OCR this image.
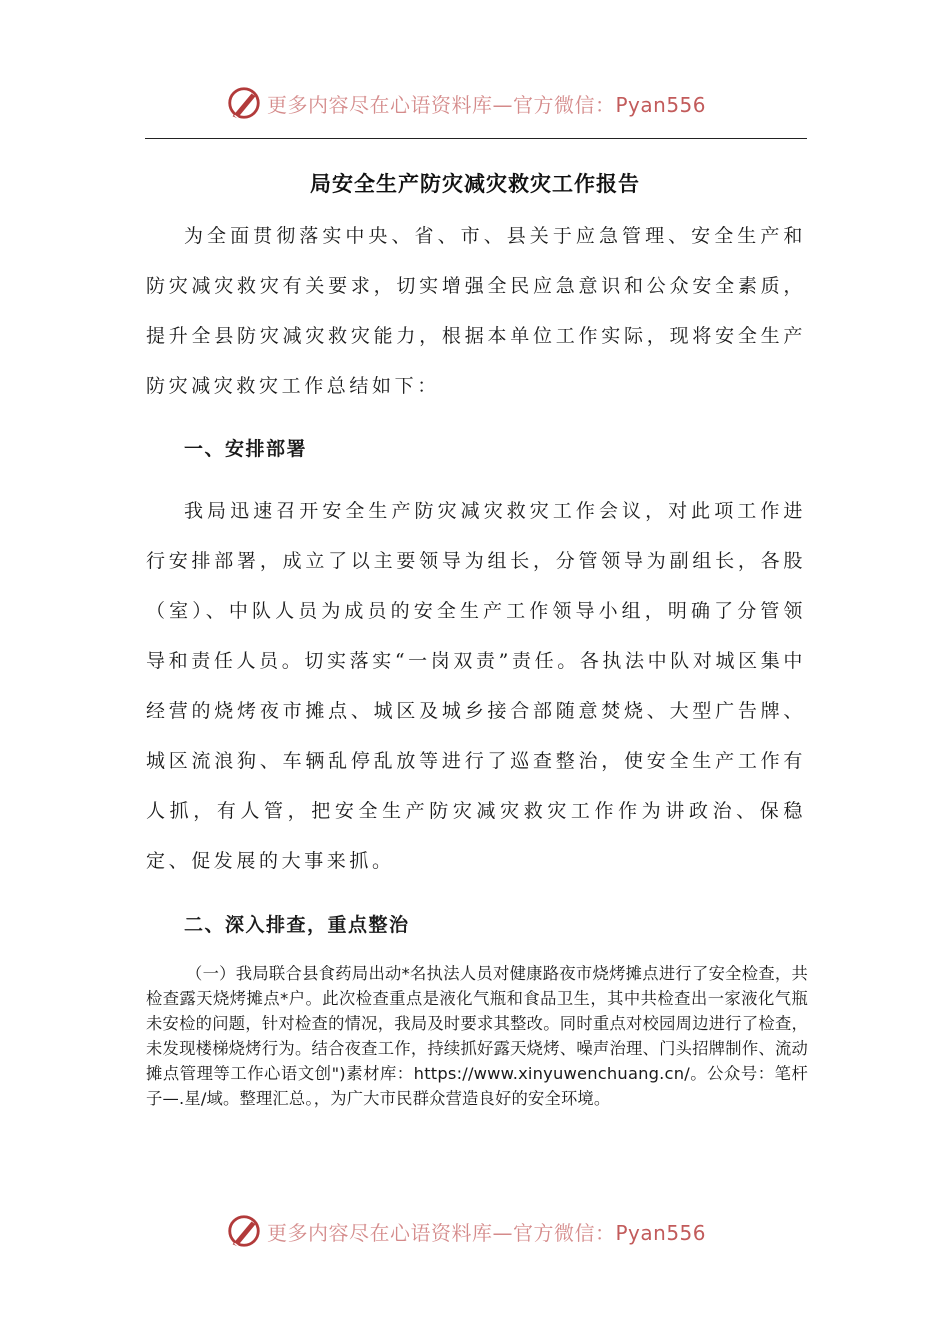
更多内容尽在心语资料库—官方微信：Pyan556
局安全生产防灾减灾救灾工作报告

为全面贯彻落实中央、省、市、县关于应急管理、安全生产和防灾减灾救灾有关要求，切实增强全民应急意识和公众安全素质，提升全县防灾减灾救灾能力，根据本单位工作实际，现将安全生产防灾减灾救灾工作总结如下：

一、安排部署

我局迅速召开安全生产防灾减灾救灾工作会议，对此项工作进行安排部署，成立了以主要领导为组长，分管领导为副组长，各股（室）、中队人员为成员的安全生产工作领导小组，明确了分管领导和责任人员。切实落实“一岗双责”责任。各执法中队对城区集中经营的烧烤夜市摊点、城区及城乡接合部随意焚烧、大型广告牌、城区流浪狗、车辆乱停乱放等进行了巡查整治，使安全生产工作有人抓，有人管，把安全生产防灾减灾救灾工作作为讲政治、保稳定、促发展的大事来抓。

二、深入排查，重点整治

（一）我局联合县食药局出动*名执法人员对健康路夜市烧烤摊点进行了安全检查，共检查露天烧烤摊点*户。此次检查重点是液化气瓶和食品卫生，其中共检查出一家液化气瓶未安检的问题，针对检查的情况，我局及时要求其整改。同时重点对校园周边进行了检查，未发现楼梯烧烤行为。结合夜查工作，持续抓好露天烧烤、噪声治理、门头招牌制作、流动摊点管理等工作心语文创")素材库：https://www.xinyuwenchuang.cn/。公众号：笔杆子—.星/域。整理汇总。，为广大市民群众营造良好的安全环境。

更多内容尽在心语资料库—官方微信：Pyan556
